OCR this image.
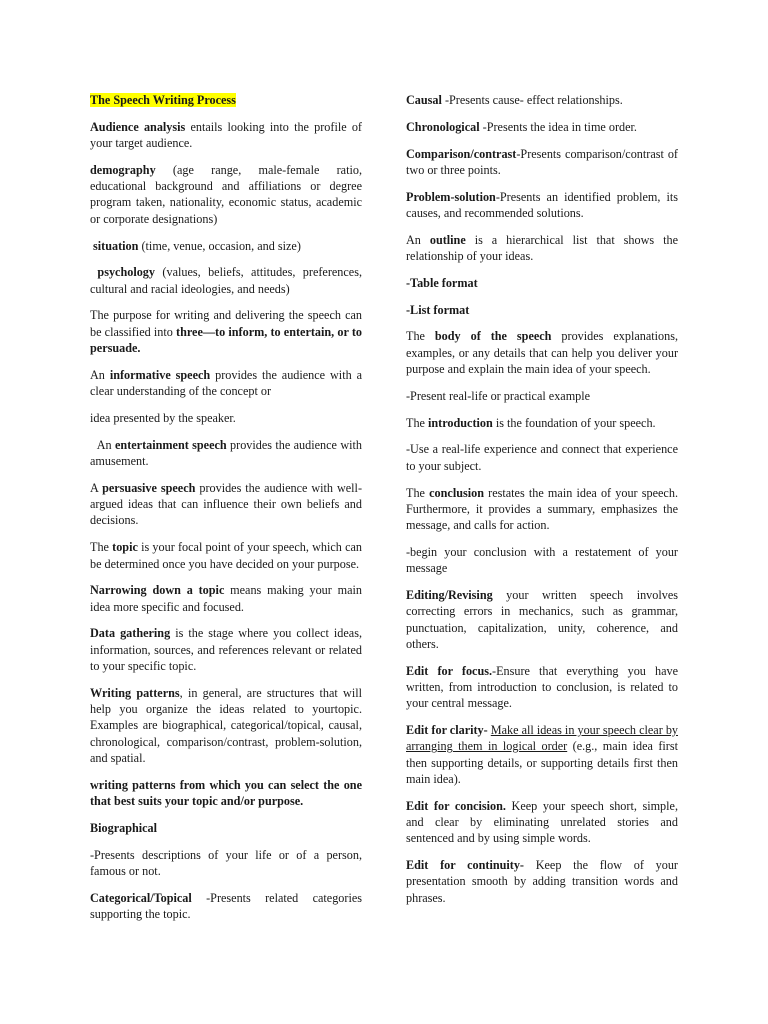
The Speech Writing Process

Audience analysis entails looking into the profile of your target audience.

demography (age range, male-female ratio, educational background and affiliations or degree program taken, nationality, economic status, academic or corporate designations)

situation (time, venue, occasion, and size)

psychology (values, beliefs, attitudes, preferences, cultural and racial ideologies, and needs)

The purpose for writing and delivering the speech can be classified into three—to inform, to entertain, or to persuade.

An informative speech provides the audience with a clear understanding of the concept or

idea presented by the speaker.

An entertainment speech provides the audience with amusement.

A persuasive speech provides the audience with well-argued ideas that can influence their own beliefs and decisions.

The topic is your focal point of your speech, which can be determined once you have decided on your purpose.

Narrowing down a topic means making your main idea more specific and focused.

Data gathering is the stage where you collect ideas, information, sources, and references relevant or related to your specific topic.

Writing patterns, in general, are structures that will help you organize the ideas related to yourtopic. Examples are biographical, categorical/topical, causal, chronological, comparison/contrast, problem-solution, and spatial.

writing patterns from which you can select the one that best suits your topic and/or purpose.

Biographical

-Presents descriptions of your life or of a person, famous or not.

Categorical/Topical -Presents related categories supporting the topic.

Causal -Presents cause- effect relationships.

Chronological -Presents the idea in time order.

Comparison/contrast-Presents comparison/contrast of two or three points.

Problem-solution-Presents an identified problem, its causes, and recommended solutions.

An outline is a hierarchical list that shows the relationship of your ideas.

-Table format

-List format

The body of the speech provides explanations, examples, or any details that can help you deliver your purpose and explain the main idea of your speech.

-Present real-life or practical example

The introduction is the foundation of your speech.

-Use a real-life experience and connect that experience to your subject.

The conclusion restates the main idea of your speech. Furthermore, it provides a summary, emphasizes the message, and calls for action.

-begin your conclusion with a restatement of your message

Editing/Revising your written speech involves correcting errors in mechanics, such as grammar, punctuation, capitalization, unity, coherence, and others.

Edit for focus.-Ensure that everything you have written, from introduction to conclusion, is related to your central message.

Edit for clarity- Make all ideas in your speech clear by arranging them in logical order (e.g., main idea first then supporting details, or supporting details first then main idea).

Edit for concision. Keep your speech short, simple, and clear by eliminating unrelated stories and sentenced and by using simple words.

Edit for continuity- Keep the flow of your presentation smooth by adding transition words and phrases.
